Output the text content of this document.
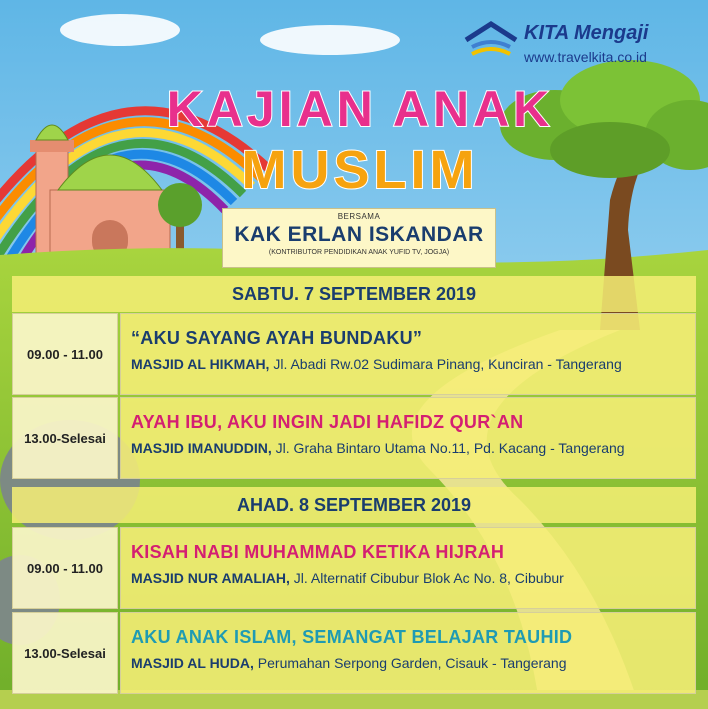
KITA Mengaji
www.travelkita.co.id
KAJIAN ANAK
MUSLIM
BERSAMA
KAK ERLAN ISKANDAR
(KONTRIBUTOR PENDIDIKAN ANAK YUFID TV, JOGJA)
SABTU. 7 SEPTEMBER 2019
09.00 - 11.00
“AKU SAYANG AYAH BUNDAKU”
MASJID AL HIKMAH, Jl. Abadi Rw.02 Sudimara Pinang, Kunciran - Tangerang
13.00-Selesai
AYAH IBU, AKU INGIN JADI HAFIDZ QUR`AN
MASJID IMANUDDIN, Jl. Graha Bintaro Utama No.11, Pd. Kacang - Tangerang
AHAD. 8 SEPTEMBER 2019
09.00 - 11.00
KISAH NABI MUHAMMAD KETIKA HIJRAH
MASJID NUR AMALIAH, Jl. Alternatif Cibubur Blok Ac No. 8, Cibubur
13.00-Selesai
AKU ANAK ISLAM, SEMANGAT BELAJAR TAUHID
MASJID AL HUDA, Perumahan Serpong Garden, Cisauk - Tangerang
